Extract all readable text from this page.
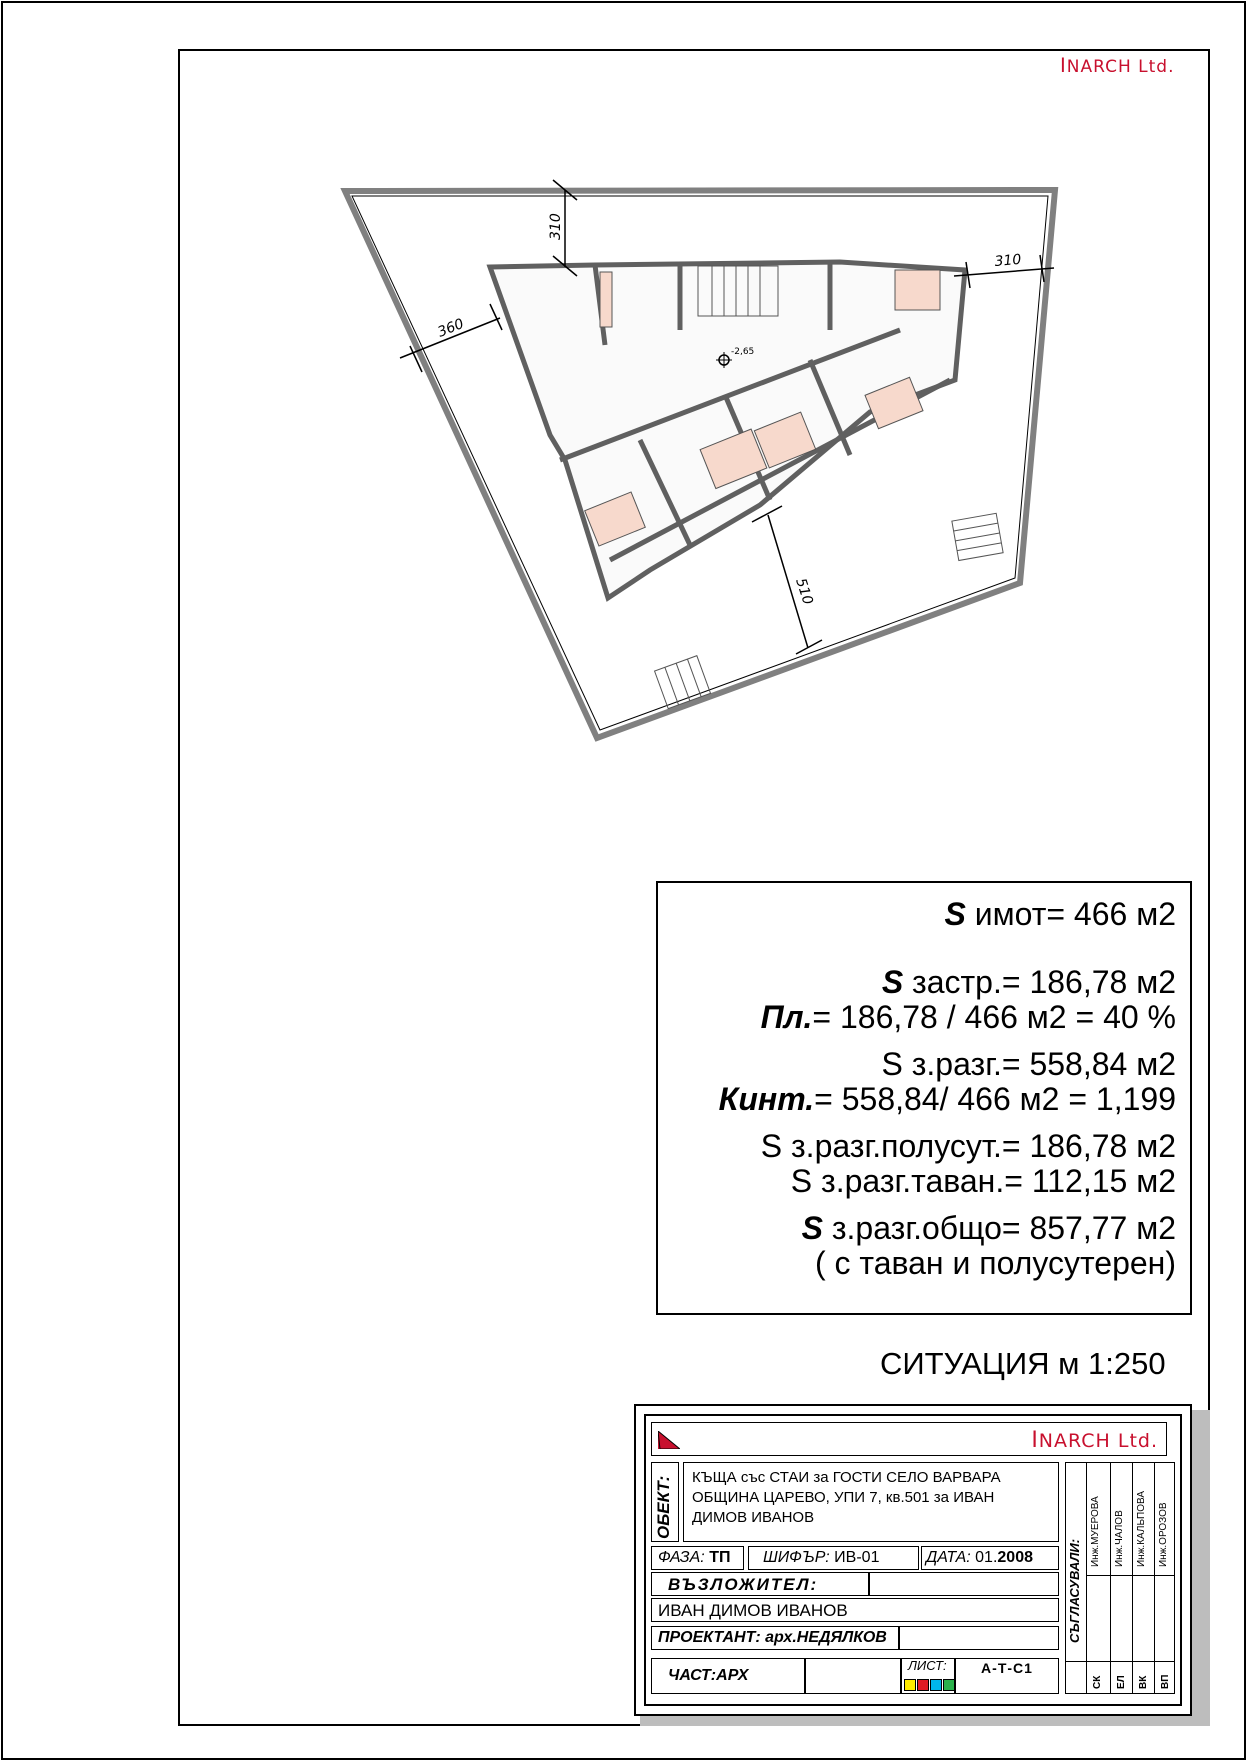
INARCH Ltd.
-2,65
310
310
360
510
S имот= 466 м2
S застр.= 186,78 м2
Пл.= 186,78 / 466 м2 = 40 %
S з.разг.= 558,84 м2
Кинт.= 558,84/ 466 м2 = 1,199
S з.разг.полусут.= 186,78 м2
S з.разг.таван.= 112,15 м2
S з.разг.общо= 857,77 м2
( с таван и полусутерен)
СИТУАЦИЯ м 1:250
INARCH Ltd.
ОБЕКТ: КЪЩА със СТАИ за ГОСТИ СЕЛО ВАРВАРА
ОБЩИНА ЦАРЕВО, УПИ 7, кв.501 за ИВАН
ДИМОВ ИВАНОВ
ФАЗА: ТП	ШИФЪР: ИВ-01	ДАТА: 01.2008
ВЪЗЛОЖИТЕЛ:
ИВАН ДИМОВ ИВАНОВ
ПРОЕКТАНТ: арх.НЕДЯЛКОВ
ЧАСТ:АРХ
ЛИСТ:	А-Т-С1
СЪГЛАСУВАЛИ:
Инж.МУЕРОВА Инж.ЧАЛОВ Инж.КАЛЬПОВА Инж.ОРОЗОВ
СК ЕЛ ВК ВП
